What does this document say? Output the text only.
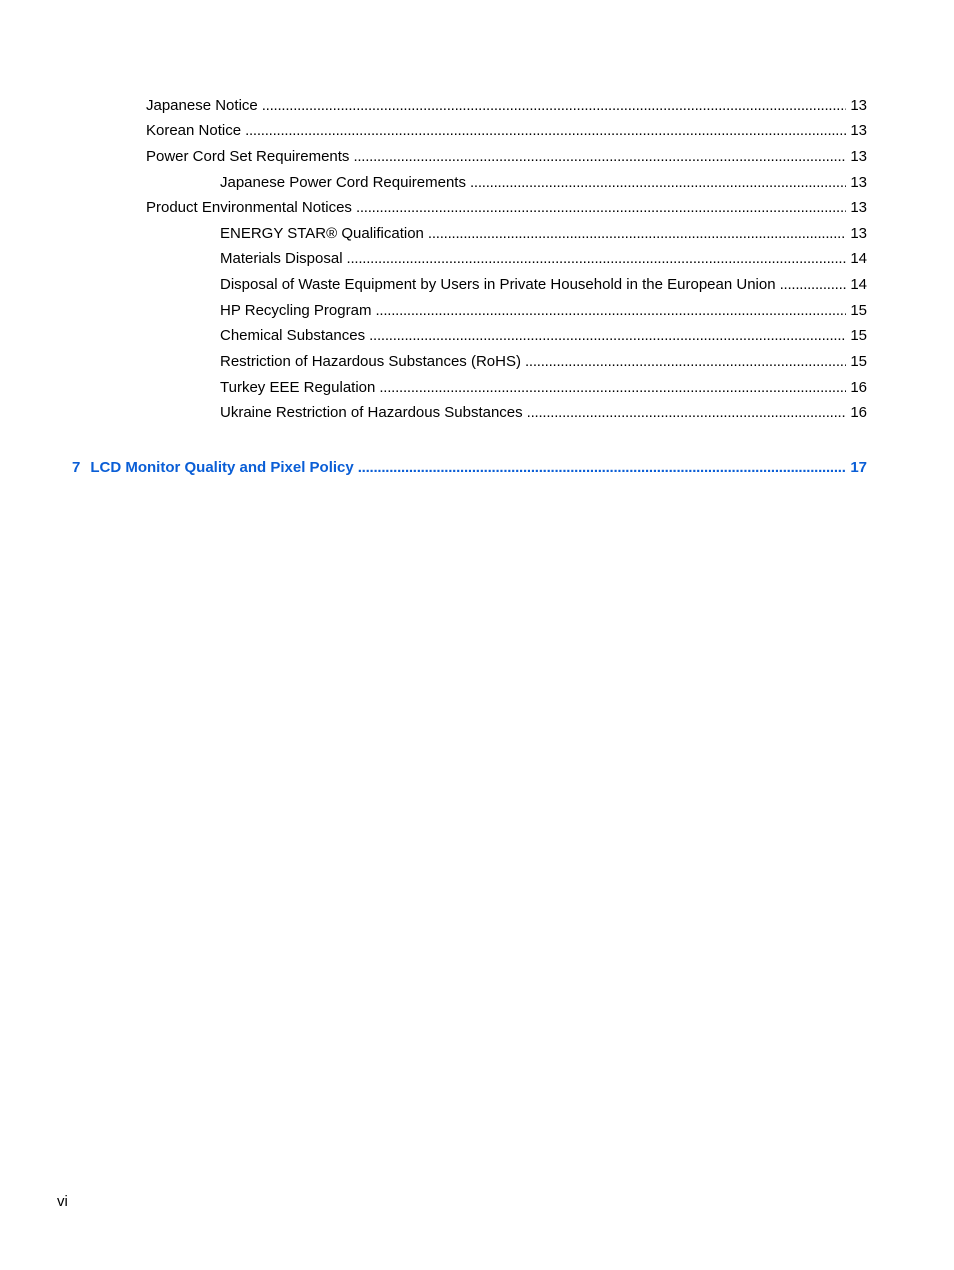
Japanese Notice . . .	13
Korean Notice . . .	13
Power Cord Set Requirements . . .	13
Japanese Power Cord Requirements . . .	13
Product Environmental Notices . . .	13
ENERGY STAR® Qualification . . .	13
Materials Disposal . . .	14
Disposal of Waste Equipment by Users in Private Household in the European Union . . .	14
HP Recycling Program . . .	15
Chemical Substances . . .	15
Restriction of Hazardous Substances (RoHS) . . .	15
Turkey EEE Regulation . . .	16
Ukraine Restriction of Hazardous Substances . . .	16
7 LCD Monitor Quality and Pixel Policy . . .	17
vi
